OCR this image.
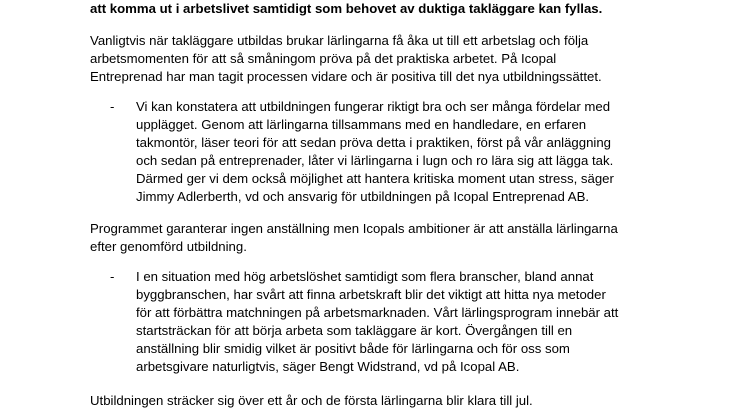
att komma ut i arbetslivet samtidigt som behovet av duktiga takläggare kan fyllas.
Vanligtvis när takläggare utbildas brukar lärlingarna få åka ut till ett arbetslag och följa
arbetsmomenten för att så småningom pröva på det praktiska arbetet. På Icopal
Entreprenad har man tagit processen vidare och är positiva till det nya utbildningssättet.
- Vi kan konstatera att utbildningen fungerar riktigt bra och ser många fördelar med
upplägget. Genom att lärlingarna tillsammans med en handledare, en erfaren
takmontör, läser teori för att sedan pröva detta i praktiken, först på vår anläggning
och sedan på entreprenader, låter vi lärlingarna i lugn och ro lära sig att lägga tak.
Därmed ger vi dem också möjlighet att hantera kritiska moment utan stress, säger
Jimmy Adlerberth, vd och ansvarig för utbildningen på Icopal Entreprenad AB.
Programmet garanterar ingen anställning men Icopals ambitioner är att anställa lärlingarna
efter genomförd utbildning.
- I en situation med hög arbetslöshet samtidigt som flera branscher, bland annat
byggbranschen, har svårt att finna arbetskraft blir det viktigt att hitta nya metoder
för att förbättra matchningen på arbetsmarknaden. Vårt lärlingsprogram innebär att
startsträckan för att börja arbeta som takläggare är kort. Övergången till en
anställning blir smidig vilket är positivt både för lärlingarna och för oss som
arbetsgivare naturligtvis, säger Bengt Widstrand, vd på Icopal AB.
Utbildningen sträcker sig över ett år och de första lärlingarna blir klara till jul.
